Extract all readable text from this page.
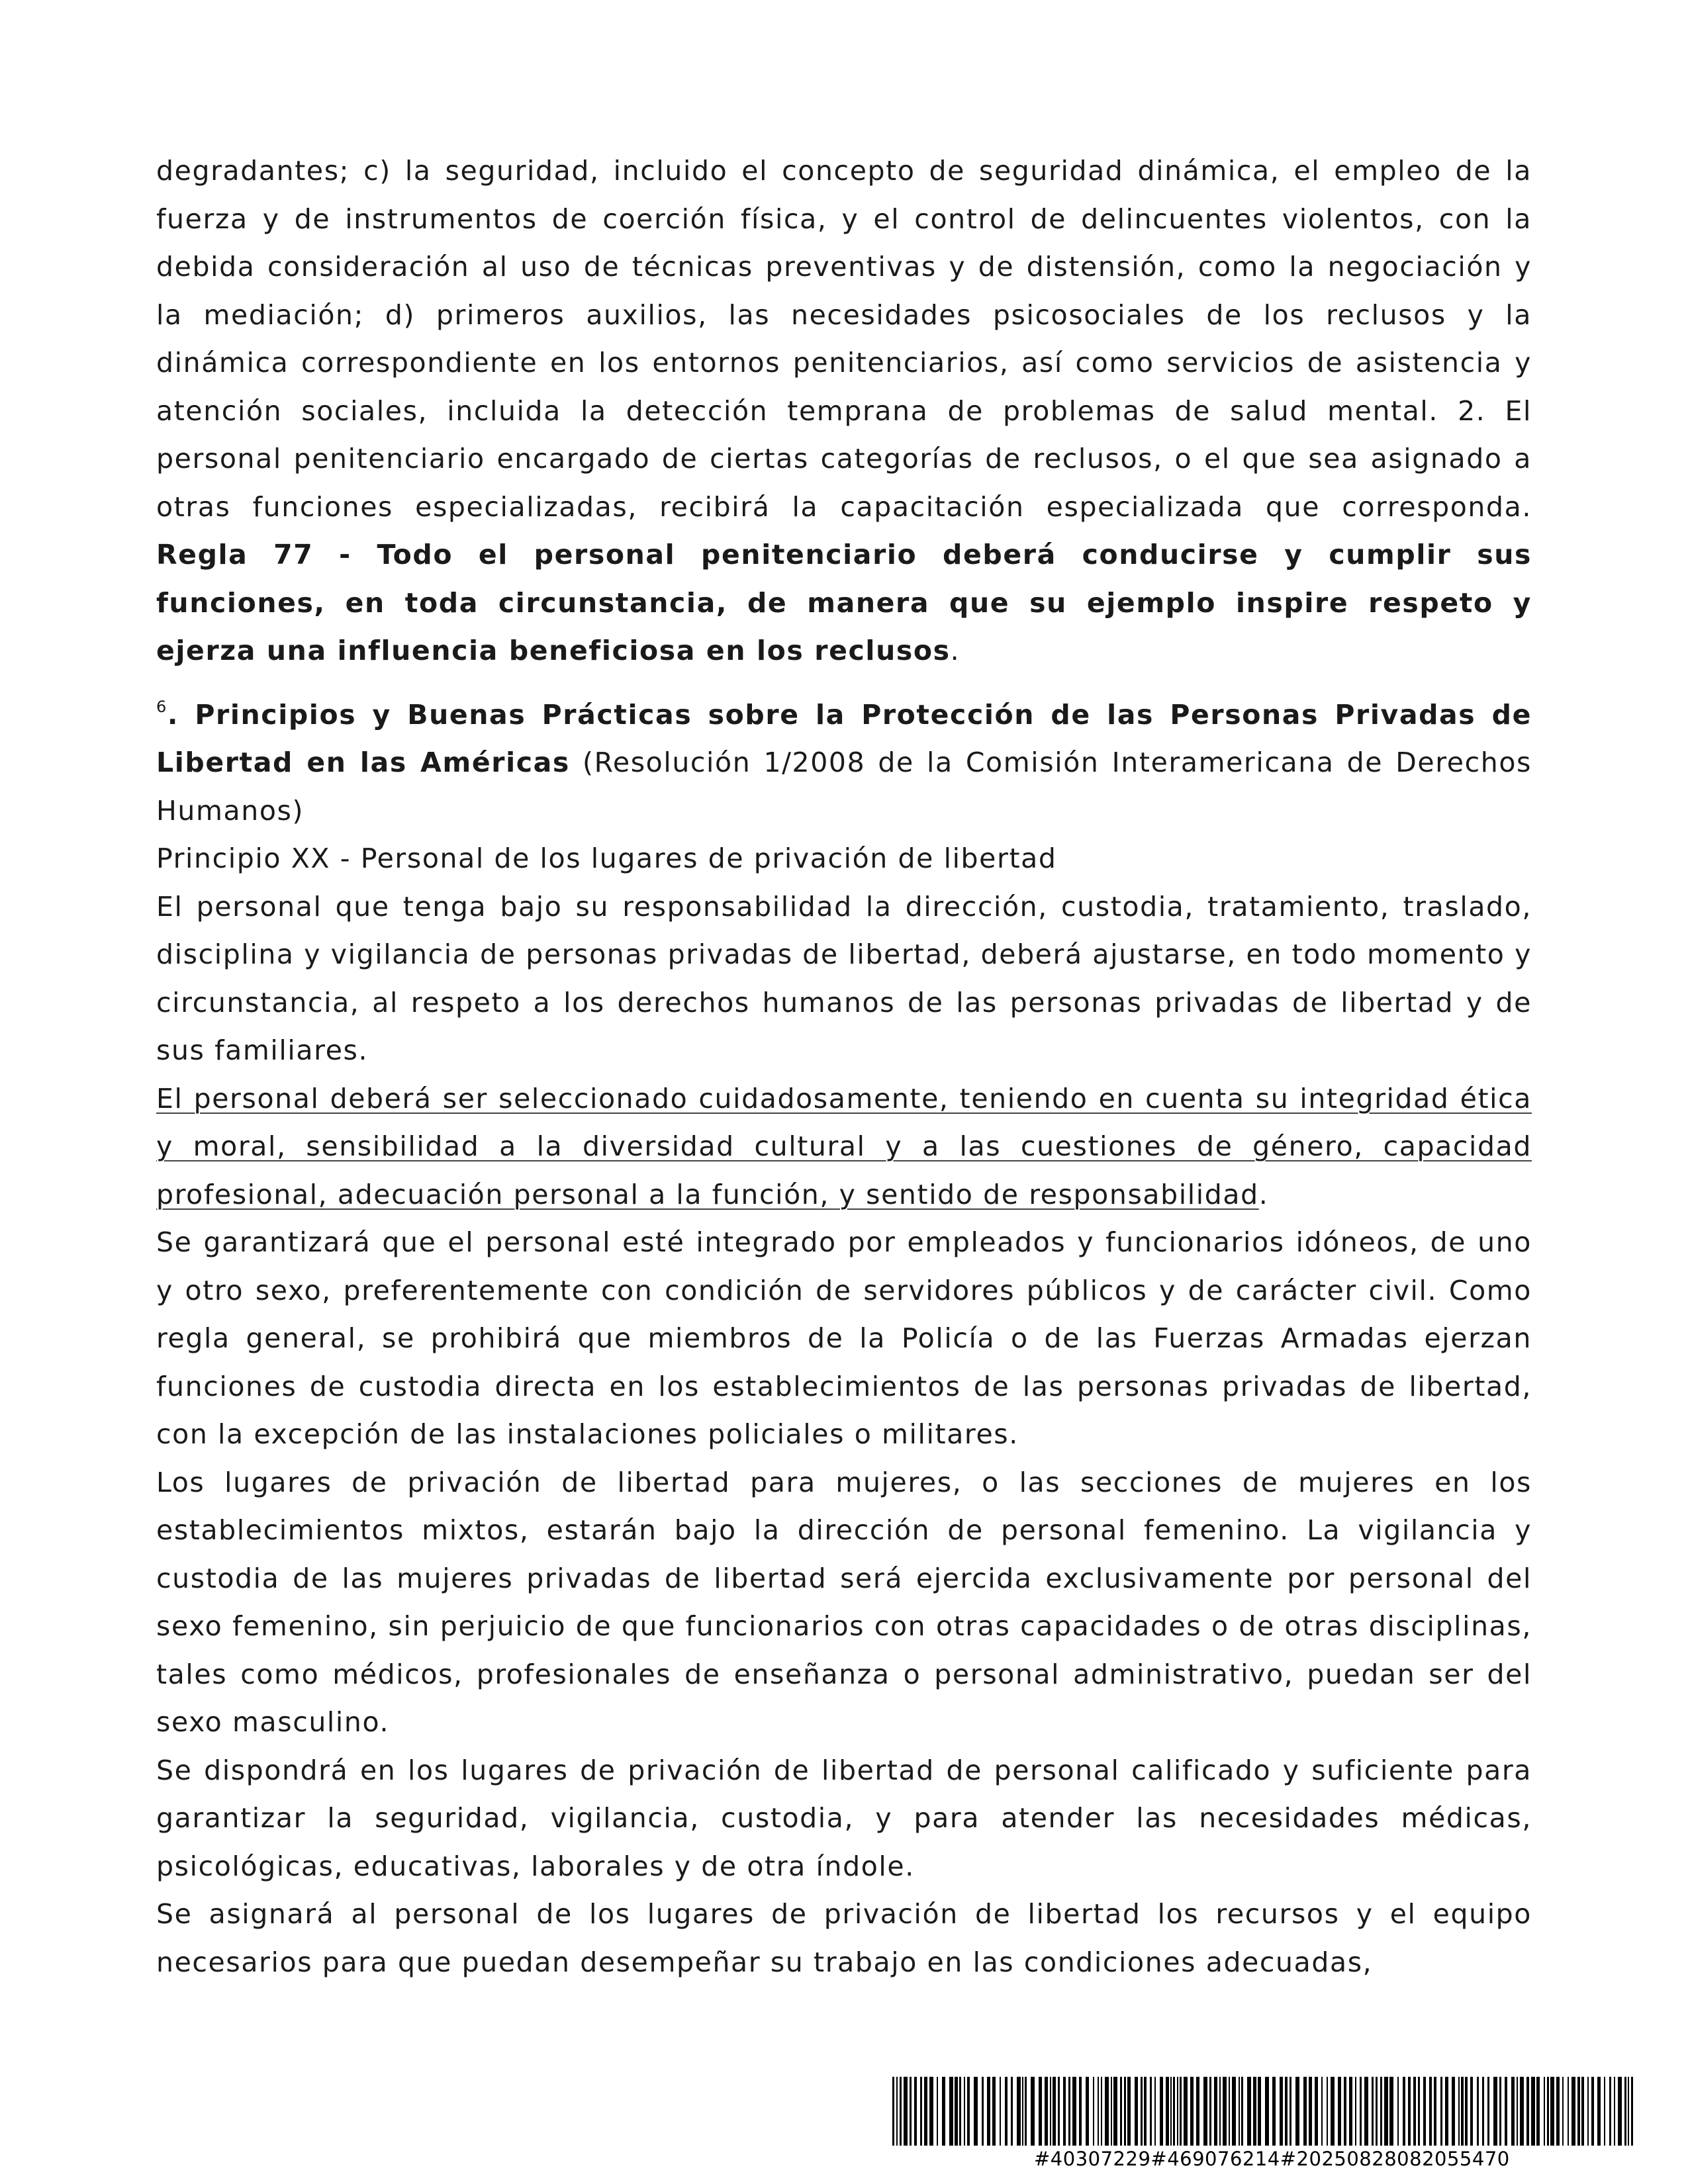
degradantes; c) la seguridad, incluido el concepto de seguridad dinámica, el empleo de la fuerza y de instrumentos de coerción física, y el control de delincuentes violentos, con la debida consideración al uso de técnicas preventivas y de distensión, como la negociación y la mediación; d) primeros auxilios, las necesidades psicosociales de los reclusos y la dinámica correspondiente en los entornos penitenciarios, así como servicios de asistencia y atención sociales, incluida la detección temprana de problemas de salud mental. 2. El personal penitenciario encargado de ciertas categorías de reclusos, o el que sea asignado a otras funciones especializadas, recibirá la capacitación especializada que corresponda. Regla 77 - Todo el personal penitenciario deberá conducirse y cumplir sus funciones, en toda circunstancia, de manera que su ejemplo inspire respeto y ejerza una influencia beneficiosa en los reclusos.

$^6$. Principios y Buenas Prácticas sobre la Protección de las Personas Privadas de Libertad en las Américas (Resolución 1/2008 de la Comisión Interamericana de Derechos Humanos)

Principio XX - Personal de los lugares de privación de libertad

El personal que tenga bajo su responsabilidad la dirección, custodia, tratamiento, traslado, disciplina y vigilancia de personas privadas de libertad, deberá ajustarse, en todo momento y circunstancia, al respeto a los derechos humanos de las personas privadas de libertad y de sus familiares.

El personal deberá ser seleccionado cuidadosamente, teniendo en cuenta su integridad ética y moral, sensibilidad a la diversidad cultural y a las cuestiones de género, capacidad profesional, adecuación personal a la función, y sentido de responsabilidad.

Se garantizará que el personal esté integrado por empleados y funcionarios idóneos, de uno y otro sexo, preferentemente con condición de servidores públicos y de carácter civil. Como regla general, se prohibirá que miembros de la Policía o de las Fuerzas Armadas ejerzan funciones de custodia directa en los establecimientos de las personas privadas de libertad, con la excepción de las instalaciones policiales o militares.

Los lugares de privación de libertad para mujeres, o las secciones de mujeres en los establecimientos mixtos, estarán bajo la dirección de personal femenino. La vigilancia y custodia de las mujeres privadas de libertad será ejercida exclusivamente por personal del sexo femenino, sin perjuicio de que funcionarios con otras capacidades o de otras disciplinas, tales como médicos, profesionales de enseñanza o personal administrativo, puedan ser del sexo masculino.

Se dispondrá en los lugares de privación de libertad de personal calificado y suficiente para garantizar la seguridad, vigilancia, custodia, y para atender las necesidades médicas, psicológicas, educativas, laborales y de otra índole.

Se asignará al personal de los lugares de privación de libertad los recursos y el equipo necesarios para que puedan desempeñar su trabajo en las condiciones adecuadas,

#40307229#469076214#20250828082055470
